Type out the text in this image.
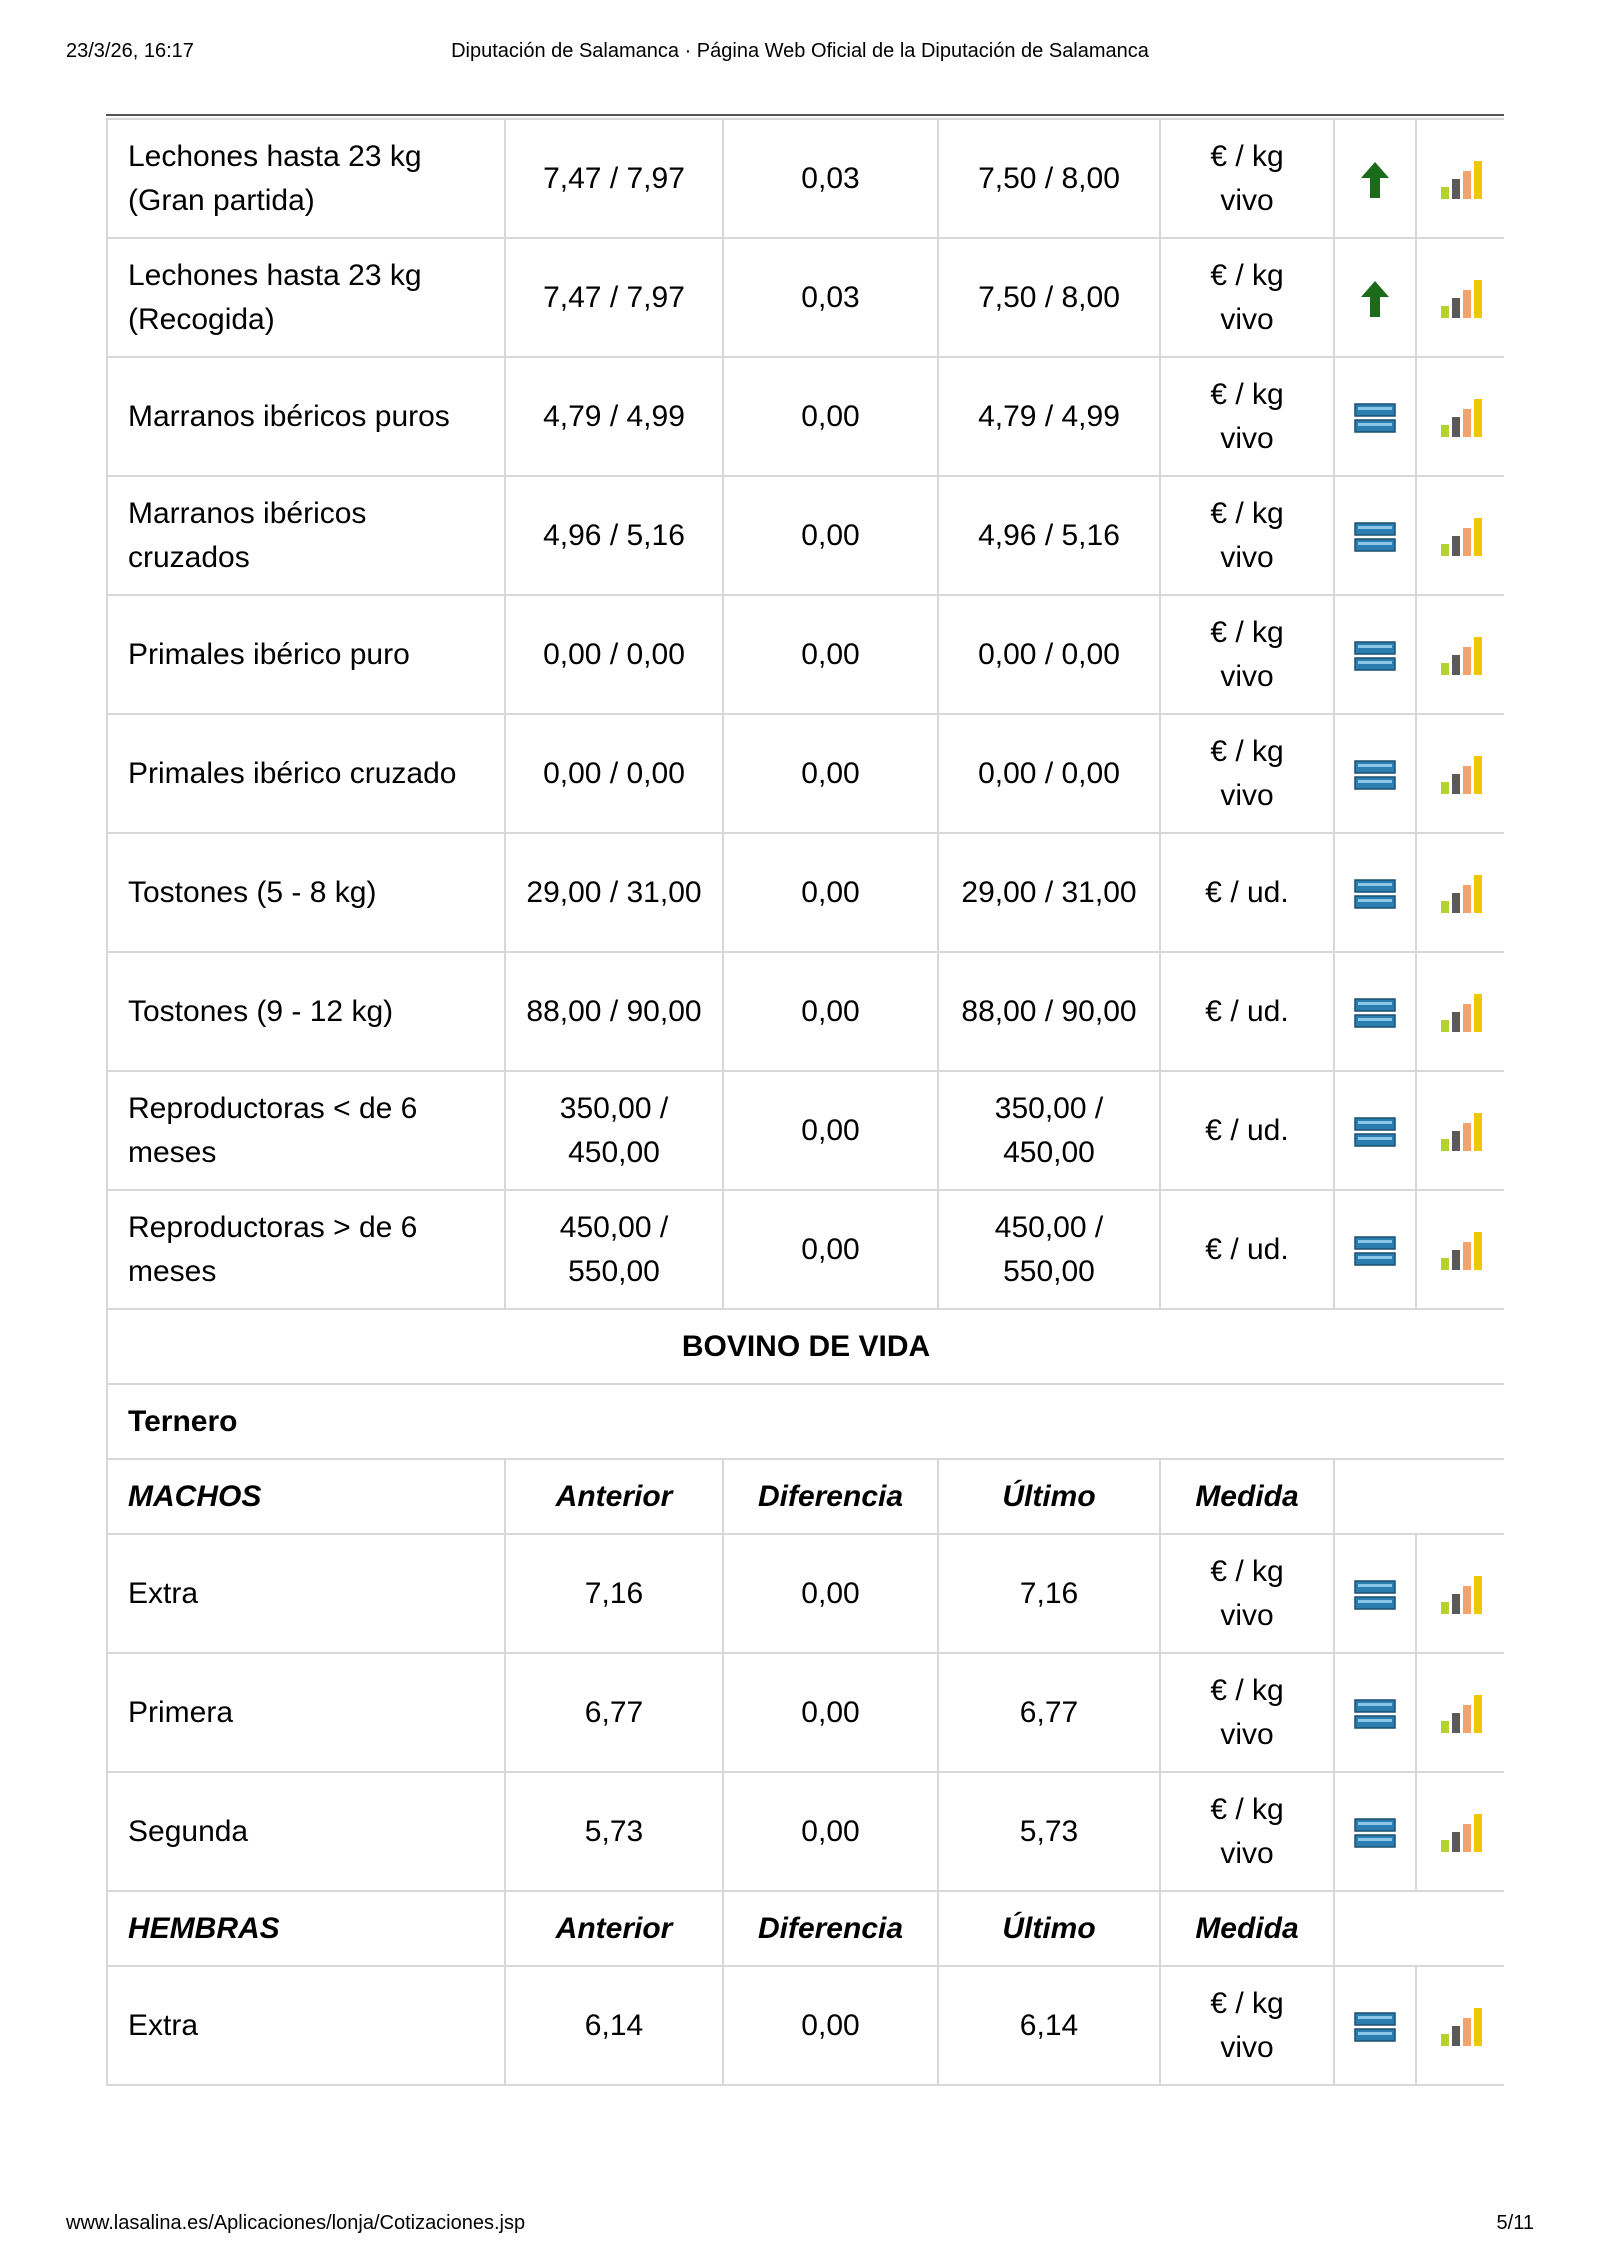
23/3/26, 16:17	Diputación de Salamanca · Página Web Oficial de la Diputación de Salamanca
Lechones hasta 23 kg (Gran partida)	7,47 / 7,97	0,03	7,50 / 8,00	€ / kg vivo	

Lechones hasta 23 kg (Recogida)	7,47 / 7,97	0,03	7,50 / 8,00	€ / kg vivo	

Marranos ibéricos puros	4,79 / 4,99	0,00	4,79 / 4,99	€ / kg vivo	

Marranos ibéricos cruzados	4,96 / 5,16	0,00	4,96 / 5,16	€ / kg vivo	

Primales ibérico puro	0,00 / 0,00	0,00	0,00 / 0,00	€ / kg vivo	

Primales ibérico cruzado	0,00 / 0,00	0,00	0,00 / 0,00	€ / kg vivo	

Tostones (5 - 8 kg)	29,00 / 31,00	0,00	29,00 / 31,00	€ / ud.	

Tostones (9 - 12 kg)	88,00 / 90,00	0,00	88,00 / 90,00	€ / ud.	

Reproductoras < de 6 meses	350,00 / 450,00	0,00	350,00 / 450,00	€ / ud.	

Reproductoras > de 6 meses	450,00 / 550,00	0,00	450,00 / 550,00	€ / ud.	

BOVINO DE VIDA						
Ternero						
MACHOS	Anterior	Diferencia	Último	Medida		
Extra	7,16	0,00	7,16	€ / kg vivo	

Primera	6,77	0,00	6,77	€ / kg vivo	

Segunda	5,73	0,00	5,73	€ / kg vivo	

HEMBRAS	Anterior	Diferencia	Último	Medida		
Extra	6,14	0,00	6,14	€ / kg vivo	

www.lasalina.es/Aplicaciones/lonja/Cotizaciones.jsp	5/11
